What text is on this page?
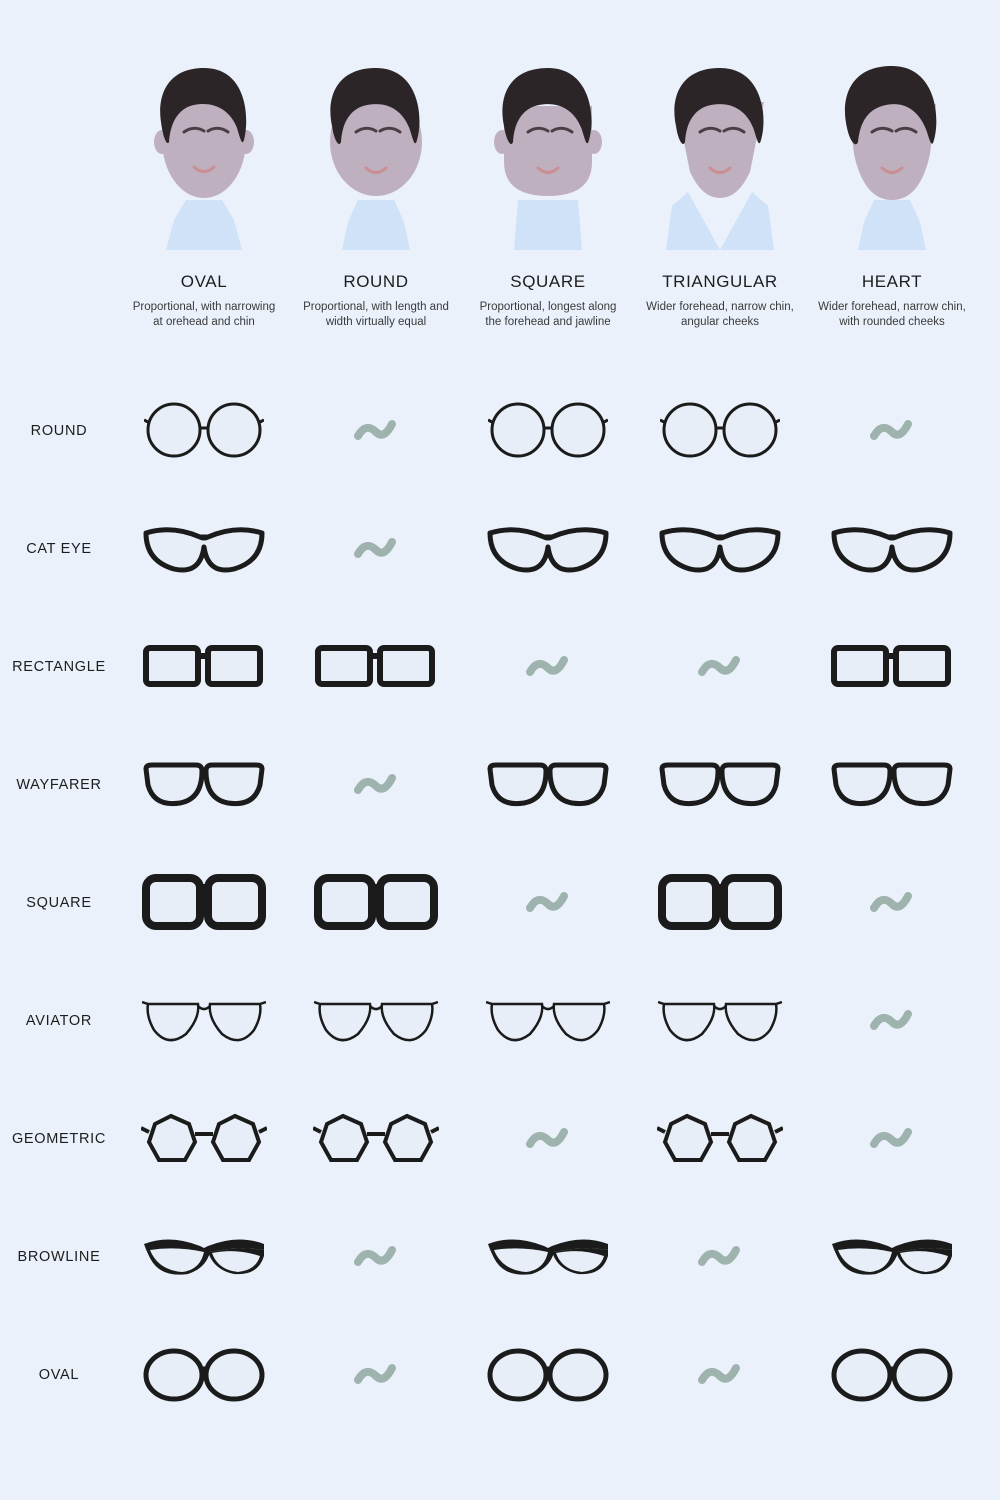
OVAL
Proportional, with narrowing at orehead and chin
ROUND
Proportional, with length and width virtually equal
SQUARE
Proportional, longest along the forehead and jawline
TRIANGULAR
Wider forehead, narrow chin, angular cheeks
HEART
Wider forehead, narrow chin, with rounded cheeks
ROUND
CAT EYE
RECTANGLE
WAYFARER
SQUARE
AVIATOR
GEOMETRIC
BROWLINE
OVAL
